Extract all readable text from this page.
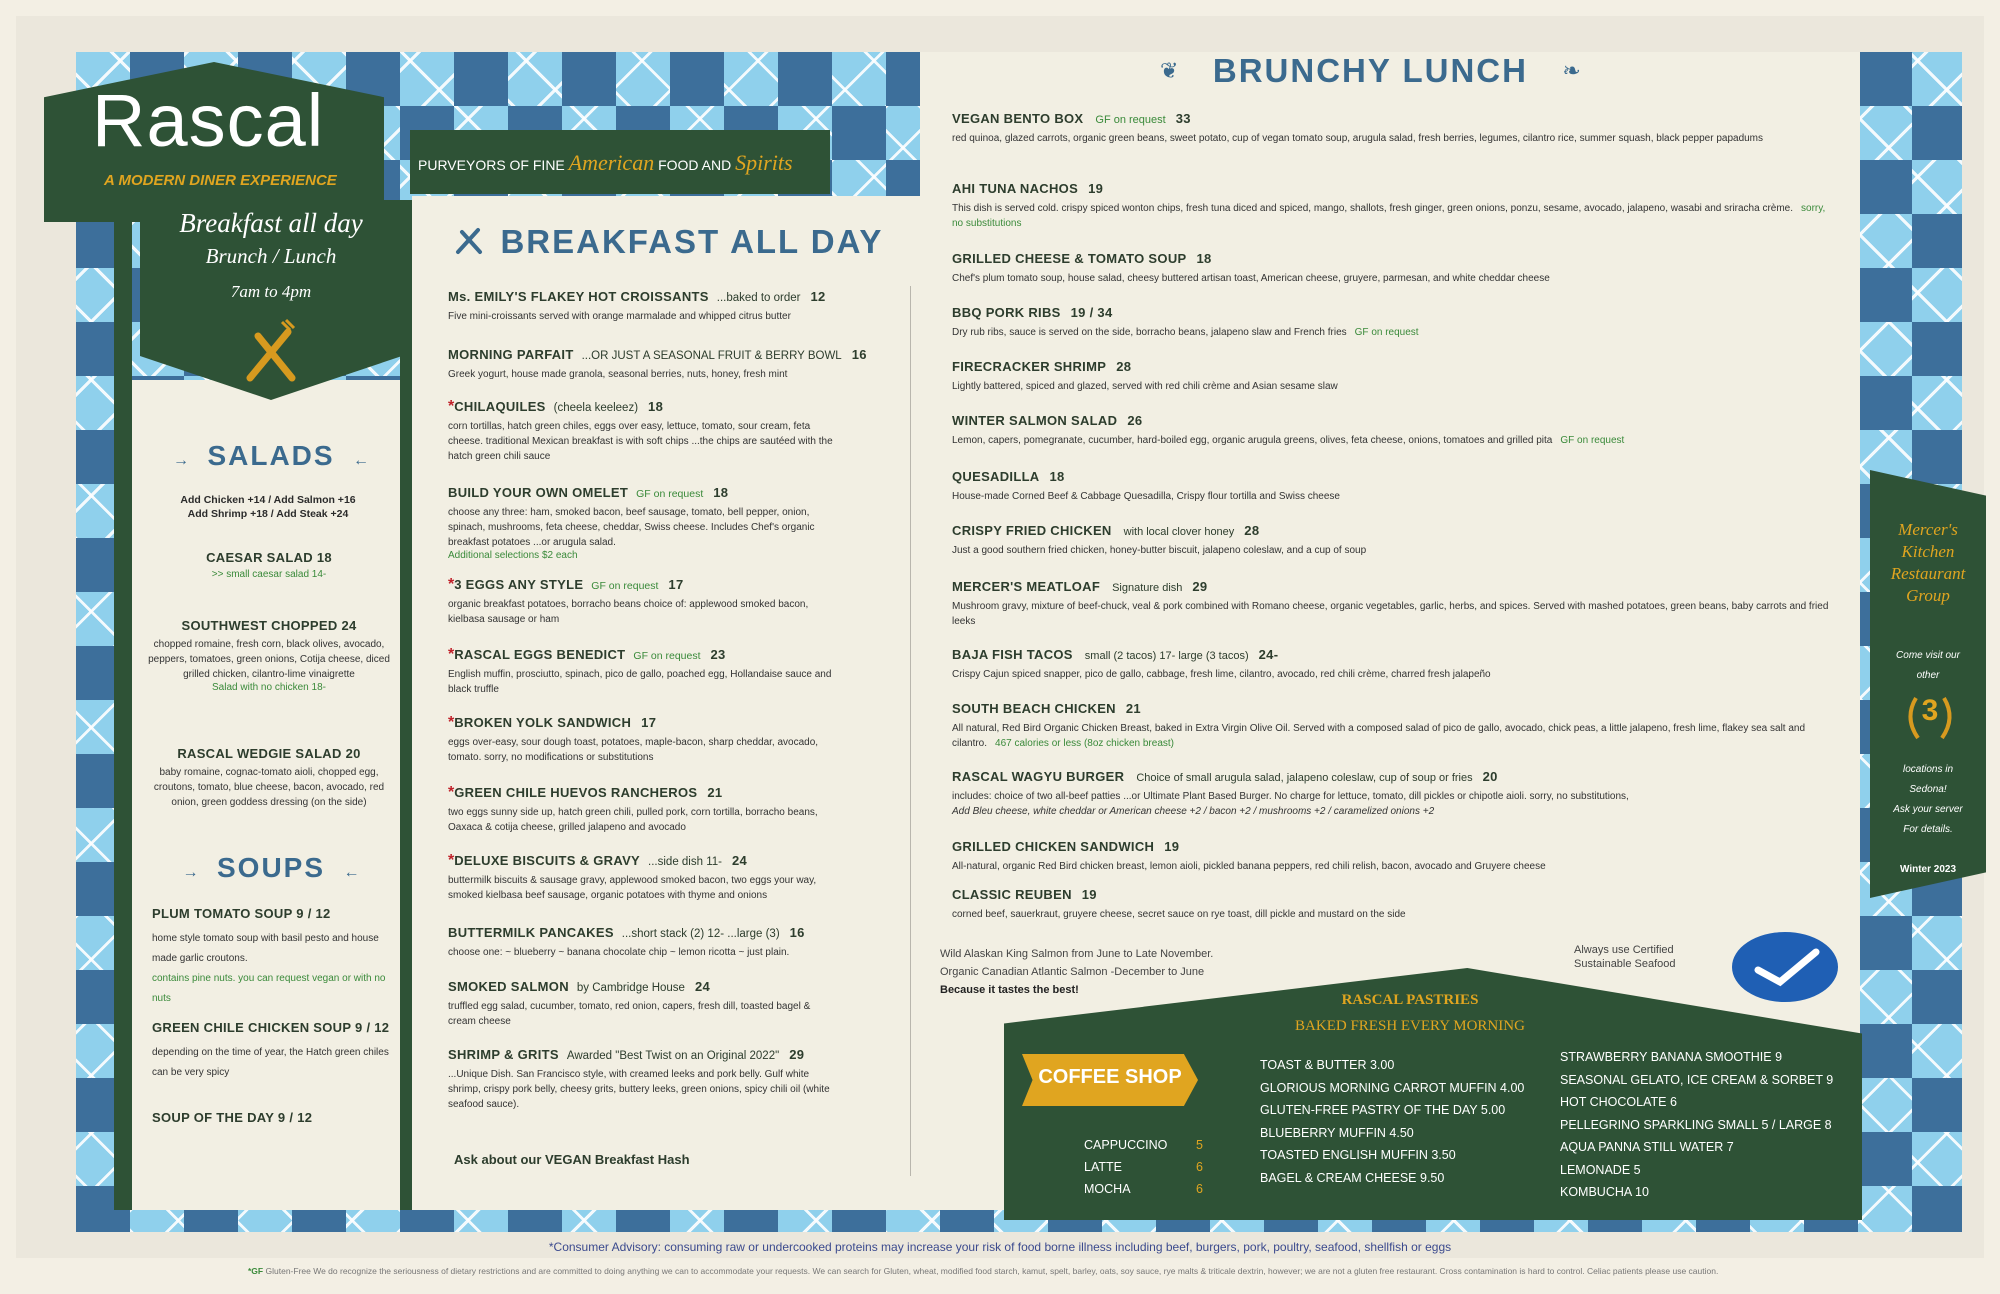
Rascal
A MODERN DINER EXPERIENCE
Breakfast all day
Brunch / Lunch
7am to 4pm
PURVEYORS OF FINE American FOOD AND Spirits
→ SALADS ←
Add Chicken +14 / Add Salmon +16
Add Shrimp +18 / Add Steak +24
CAESAR SALAD 18
>> small caesar salad 14-
SOUTHWEST CHOPPED 24
chopped romaine, fresh corn, black olives, avocado, peppers, tomatoes, green onions, Cotija cheese, diced grilled chicken, cilantro-lime vinaigrette
Salad with no chicken 18-
RASCAL WEDGIE SALAD 20
baby romaine, cognac-tomato aioli, chopped egg, croutons, tomato, blue cheese, bacon, avocado, red onion, green goddess dressing (on the side)
→ SOUPS ←
PLUM TOMATO SOUP 9 / 12
home style tomato soup with basil pesto and house made garlic croutons.
contains pine nuts. you can request vegan or with no nuts
GREEN CHILE CHICKEN SOUP 9 / 12
depending on the time of year, the Hatch green chiles can be very spicy
SOUP OF THE DAY 9 / 12
BREAKFAST ALL DAY
Ms. EMILY'S FLAKEY HOT CROISSANTS ...baked to order 12
Five mini-croissants served with orange marmalade and whipped citrus butter
MORNING PARFAIT ...OR JUST A SEASONAL FRUIT & BERRY BOWL 16
Greek yogurt, house made granola, seasonal berries, nuts, honey, fresh mint
*CHILAQUILES (cheela keeleez) 18
corn tortillas, hatch green chiles, eggs over easy, lettuce, tomato, sour cream, feta cheese. traditional Mexican breakfast is with soft chips ...the chips are sautéed with the hatch green chili sauce
BUILD YOUR OWN OMELET GF on request 18
choose any three: ham, smoked bacon, beef sausage, tomato, bell pepper, onion, spinach, mushrooms, feta cheese, cheddar, Swiss cheese. Includes Chef's organic breakfast potatoes ...or arugula salad.
Additional selections $2 each
*3 EGGS ANY STYLE GF on request 17
organic breakfast potatoes, borracho beans choice of: applewood smoked bacon, kielbasa sausage or ham
*RASCAL EGGS BENEDICT GF on request 23
English muffin, prosciutto, spinach, pico de gallo, poached egg, Hollandaise sauce and black truffle
*BROKEN YOLK SANDWICH 17
eggs over-easy, sour dough toast, potatoes, maple-bacon, sharp cheddar, avocado, tomato. sorry, no modifications or substitutions
*GREEN CHILE HUEVOS RANCHEROS 21
two eggs sunny side up, hatch green chili, pulled pork, corn tortilla, borracho beans, Oaxaca & cotija cheese, grilled jalapeno and avocado
*DELUXE BISCUITS & GRAVY ...side dish 11- 24
buttermilk biscuits & sausage gravy, applewood smoked bacon, two eggs your way, smoked kielbasa beef sausage, organic potatoes with thyme and onions
BUTTERMILK PANCAKES ...short stack (2) 12- ...large (3) 16
choose one: ~ blueberry ~ banana chocolate chip ~ lemon ricotta ~ just plain.
SMOKED SALMON by Cambridge House 24
truffled egg salad, cucumber, tomato, red onion, capers, fresh dill, toasted bagel & cream cheese
SHRIMP & GRITS Awarded "Best Twist on an Original 2022" 29
...Unique Dish. San Francisco style, with creamed leeks and pork belly. Gulf white shrimp, crispy pork belly, cheesy grits, buttery leeks, green onions, spicy chili oil (white seafood sauce).
Ask about our VEGAN Breakfast Hash
❦ BRUNCHY LUNCH ❧
VEGAN BENTO BOX GF on request 33
red quinoa, glazed carrots, organic green beans, sweet potato, cup of vegan tomato soup, arugula salad, fresh berries, legumes, cilantro rice, summer squash, black pepper papadums
AHI TUNA NACHOS 19
This dish is served cold. crispy spiced wonton chips, fresh tuna diced and spiced, mango, shallots, fresh ginger, green onions, ponzu, sesame, avocado, jalapeno, wasabi and sriracha crème. sorry, no substitutions
GRILLED CHEESE & TOMATO SOUP 18
Chef's plum tomato soup, house salad, cheesy buttered artisan toast, American cheese, gruyere, parmesan, and white cheddar cheese
BBQ PORK RIBS 19 / 34
Dry rub ribs, sauce is served on the side, borracho beans, jalapeno slaw and French fries GF on request
FIRECRACKER SHRIMP 28
Lightly battered, spiced and glazed, served with red chili crème and Asian sesame slaw
WINTER SALMON SALAD 26
Lemon, capers, pomegranate, cucumber, hard-boiled egg, organic arugula greens, olives, feta cheese, onions, tomatoes and grilled pita GF on request
QUESADILLA 18
House-made Corned Beef & Cabbage Quesadilla, Crispy flour tortilla and Swiss cheese
CRISPY FRIED CHICKEN with local clover honey 28
Just a good southern fried chicken, honey-butter biscuit, jalapeno coleslaw, and a cup of soup
MERCER'S MEATLOAF Signature dish 29
Mushroom gravy, mixture of beef-chuck, veal & pork combined with Romano cheese, organic vegetables, garlic, herbs, and spices. Served with mashed potatoes, green beans, baby carrots and fried leeks
BAJA FISH TACOS small (2 tacos) 17- large (3 tacos) 24-
Crispy Cajun spiced snapper, pico de gallo, cabbage, fresh lime, cilantro, avocado, red chili crème, charred fresh jalapeño
SOUTH BEACH CHICKEN 21
All natural, Red Bird Organic Chicken Breast, baked in Extra Virgin Olive Oil. Served with a composed salad of pico de gallo, avocado, chick peas, a little jalapeno, fresh lime, flakey sea salt and cilantro. 467 calories or less (8oz chicken breast)
RASCAL WAGYU BURGER Choice of small arugula salad, jalapeno coleslaw, cup of soup or fries 20
includes: choice of two all-beef patties ...or Ultimate Plant Based Burger. No charge for lettuce, tomato, dill pickles or chipotle aioli. sorry, no substitutions,
Add Bleu cheese, white cheddar or American cheese +2 / bacon +2 / mushrooms +2 / caramelized onions +2
GRILLED CHICKEN SANDWICH 19
All-natural, organic Red Bird chicken breast, lemon aioli, pickled banana peppers, red chili relish, bacon, avocado and Gruyere cheese
CLASSIC REUBEN 19
corned beef, sauerkraut, gruyere cheese, secret sauce on rye toast, dill pickle and mustard on the side
Wild Alaskan King Salmon from June to Late November.
Organic Canadian Atlantic Salmon -December to June
Because it tastes the best!
Always use Certified
Sustainable Seafood
COFFEE SHOP
CAPPUCCINO 5
LATTE	6
MOCHA	6
RASCAL PASTRIES
BAKED FRESH EVERY MORNING
TOAST & BUTTER 3.00
GLORIOUS MORNING CARROT MUFFIN 4.00
GLUTEN-FREE PASTRY OF THE DAY 5.00
BLUEBERRY MUFFIN 4.50
TOASTED ENGLISH MUFFIN 3.50
BAGEL & CREAM CHEESE 9.50
STRAWBERRY BANANA SMOOTHIE 9
SEASONAL GELATO, ICE CREAM & SORBET 9
HOT CHOCOLATE 6
PELLEGRINO SPARKLING SMALL 5 / LARGE 8
AQUA PANNA STILL WATER 7
LEMONADE 5
KOMBUCHA 10
Mercer's
Kitchen
Restaurant
Group
Come visit our
other
3
locations in
Sedona!
Ask your server
For details.
Winter 2023
*Consumer Advisory: consuming raw or undercooked proteins may increase your risk of food borne illness including beef, burgers, pork, poultry, seafood, shellfish or eggs
*GF Gluten-Free We do recognize the seriousness of dietary restrictions and are committed to doing anything we can to accommodate your requests. We can search for Gluten, wheat, modified food starch, kamut, spelt, barley, oats, soy sauce, rye malts & triticale dextrin, however; we are not a gluten free restaurant. Cross contamination is hard to control. Celiac patients please use caution.
